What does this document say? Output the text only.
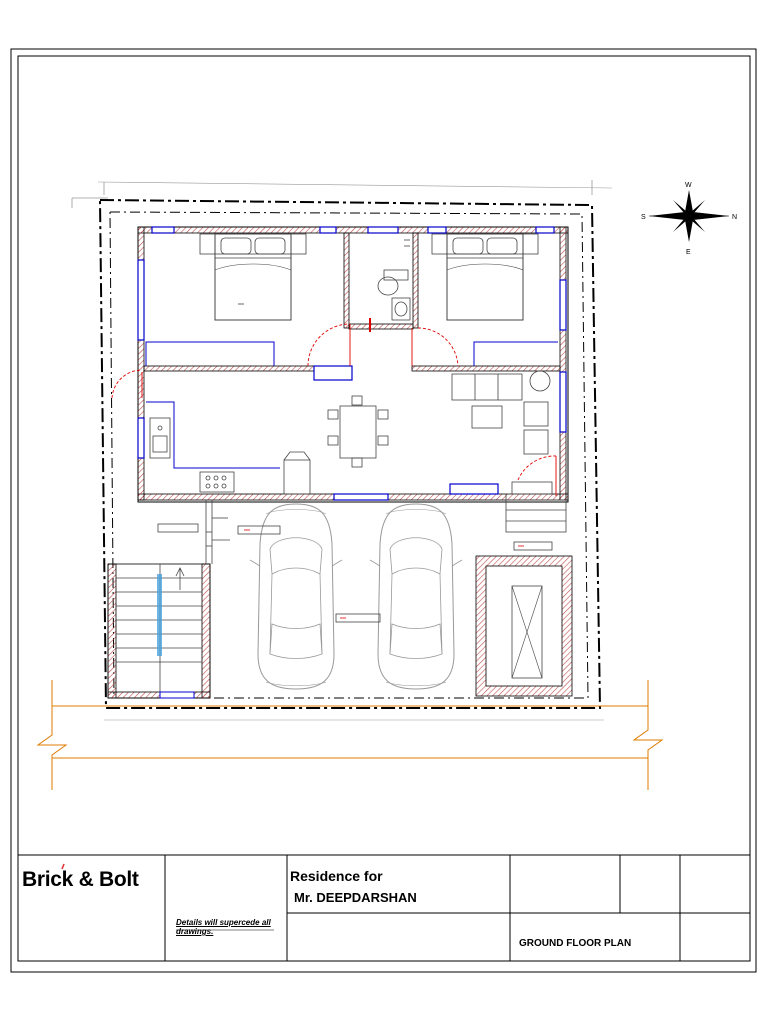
W
E
S	N
Brick & Bolt	Residence for
Mr. DEEPDARSHAN
Details will supercede all drawings.
GROUND FLOOR PLAN
